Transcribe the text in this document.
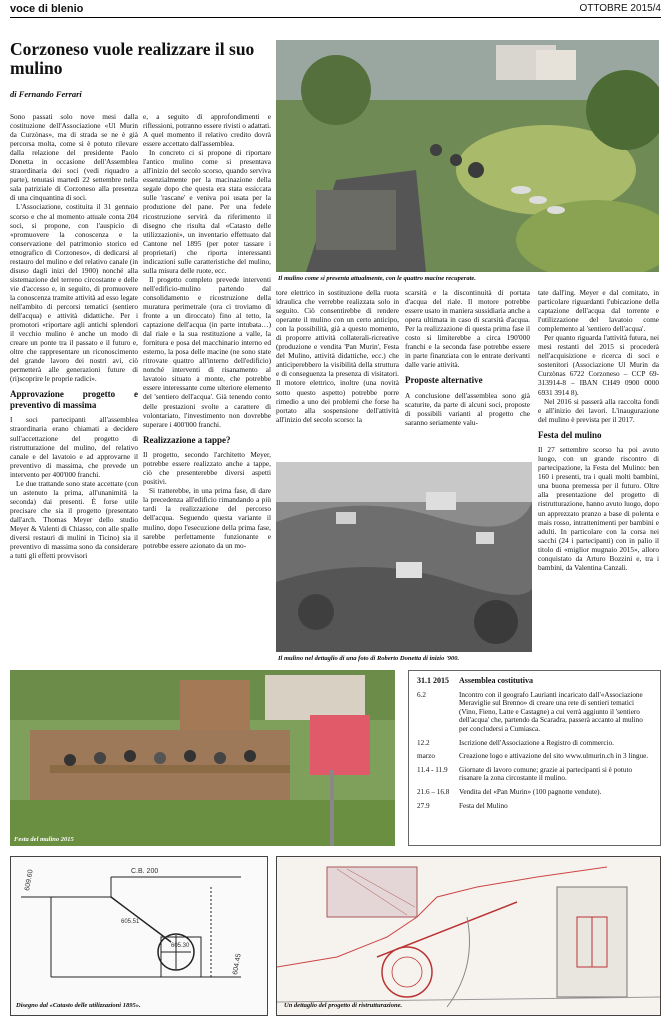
voce di blenio	OTTOBRE 2015/4
Corzoneso vuole realizzare il suo mulino
di Fernando Ferrari

Sono passati solo nove mesi dalla costituzione dell'Associazione «Ul Murin da Curzònas», ma di strada se ne è già percorsa molta, come si è potuto rilevare dalla relazione del presidente Paolo Donetta in occasione dell'Assemblea straordinaria dei soci (vedi riquadro a parte), tenutasi martedì 22 settembre nella sala patriziale di Corzoneso alla presenza di una cinquantina di soci.

L'Associazione, costituita il 31 gennaio scorso e che al momento attuale conta 204 soci, si propone, con l'auspicio di «promuovere la conoscenza e la conservazione del patrimonio storico ed etnografico di Corzoneso», di dedicarsi al restauro del mulino e del relativo canale (in disuso dagli inizi del 1900) nonché alla sistemazione del terreno circostante e delle vie d'accesso e, in seguito, di promuovere la conoscenza tramite attività ad esso legate nell'ambito di percorsi tematici (sentiero dell'acqua) e attività didattiche. Per i promotori «riportare agli antichi splendori il vecchio mulino è anche un modo di creare un ponte tra il passato e il futuro e, oltre che rappresentare un riconoscimento del grande lavoro dei nostri avi, ciò permetterà alle generazioni future di (ri)scoprire le proprie radici».

Approvazione progetto e preventivo di massima

I soci partecipanti all'assemblea straordinaria erano chiamati a decidere sull'accettazione del progetto di ristrutturazione del mulino, del relativo canale e del lavatoio e ad approvarne il preventivo di massima, che prevede un intervento per 400'000 franchi.

Le due trattande sono state accettate (con un astenuto la prima, all'unanimità la seconda) dai presenti. È forse utile precisare che sia il progetto (presentato dall'arch. Thomas Meyer dello studio Meyer & Valenti di Chiasso, con alle spalle diversi restauri di mulini in Ticino) sia il preventivo di massima sono da considerare a tutti gli effetti provvisori

e, a seguito di approfondimenti e riflessioni, potranno essere rivisti o adattati. A quel momento il relativo credito dovrà essere accettato dall'assemblea.

In concreto ci si propone di riportare l'antico mulino come si presentava all'inizio del secolo scorso, quando serviva essenzialmente per la macinazione della segale dopo che questa era stata essiccata sulle 'rascane' e veniva poi usata per la produzione del pane. Per una fedele ricostruzione servirà da riferimento il disegno che risulta dal «Catasto delle utilizzazioni», un inventario effettuato dal Cantone nel 1895 (per poter tassare i proprietari) che riporta interessanti indicazioni sulle caratteristiche del mulino, sulla misura delle ruote, ecc.

Il progetto completo prevede interventi nell'edificio-mulino partendo dal consolidamento e ricostruzione della muratura perimetrale (ora ci troviamo di fronte a un diroccato) fino al tetto, la captazione dell'acqua (in parte intubata…) dal riale e la sua restituzione a valle, la fornitura e posa del macchinario interno ed esterno, la posa delle macine (ne sono state ritrovate quattro all'interno dell'edificio) nonché interventi di risanamento al lavatoio situato a monte, che potrebbe essere interessante come ulteriore elemento del 'sentiero dell'acqua'. Già tenendo conto delle prestazioni svolte a carattere di volontariato, l'investimento non dovrebbe superare i 400'000 franchi.

Realizzazione a tappe?

Il progetto, secondo l'architetto Meyer, potrebbe essere realizzato anche a tappe, ciò che presenterebbe diversi aspetti positivi.

Si tratterebbe, in una prima fase, di dare la precedenza all'edificio rimandando a più tardi la realizzazione del percorso dell'acqua. Seguendo questa variante il mulino, dopo l'esecuzione della prima fase, sarebbe perfettamente funzionante e potrebbe essere azionato da un mo-

Il mulino come si presenta attualmente, con le quattro macine recuperate.

tore elettrico in sostituzione della ruota idraulica che verrebbe realizzata solo in seguito. Ciò consentirebbe di rendere operante il mulino con un certo anticipo, con la possibilità, già a questo momento, di proporre attività collaterali-ricreative (produzione e vendita 'Pan Murin', Festa del Mulino, attività didattiche, ecc.) che anticiperebbero la visibilità della struttura e di conseguenza la presenza di visitatori. Il motore elettrico, inoltre (una novità sotto questo aspetto) potrebbe porre rimedio a uno dei problemi che forse ha portato alla sospensione dell'attività all'inizio del secolo scorso: la

scarsità e la discontinuità di portata d'acqua del riale. Il motore potrebbe essere usato in maniera sussidiaria anche a opera ultimata in caso di scarsità d'acqua. Per la realizzazione di questa prima fase il costo si limiterebbe a circa 190'000 franchi e la seconda fase potrebbe essere in parte finanziata con le entrate derivanti dalle varie attività.

Proposte alternative

A conclusione dell'assemblea sono già scaturite, da parte di alcuni soci, proposte di possibili varianti al progetto che saranno seriamente valu-

tate dall'ing. Meyer e dal comitato, in particolare riguardanti l'ubicazione della captazione dell'acqua dal torrente e l'utilizzazione del lavatoio come complemento al 'sentiero dell'acqua'.

Per quanto riguarda l'attività futura, nei mesi restanti del 2015 si procederà nell'acquisizione e ricerca di soci e sostenitori (Associazione Ul Murin da Curzònas 6722 Corzoneso – CCP 69-313914-8 – IBAN CH49 0900 0000 6931 3914 8).

Nel 2016 si passerà alla raccolta fondi e all'inizio dei lavori. L'inaugurazione del mulino è prevista per il 2017.

Festa del mulino

Il 27 settembre scorso ha poi avuto luogo, con un grande riscontro di partecipazione, la Festa del Mulino: ben 160 i presenti, tra i quali molti bambini, una buona premessa per il futuro. Oltre alla presentazione del progetto di ristrutturazione, hanno avuto luogo, dopo un apprezzato pranzo a base di polenta e mais rosso, intrattenimenti per bambini e adulti. In particolare con la corsa nei sacchi (24 i partecipanti) con in palio il titolo di «miglior mugnaio 2015», alloro conquistato da Arturo Bozzini e, tra i bambini, da Valentina Canzali.

Il mulino nel dettaglio di una foto di Roberto Donetta di inizio '900.
Festa del mulino 2015
31.1 2015	Assemblea costitutiva
6.2	Incontro con il geografo Laurianti incaricato dall'«Associazione Meraviglie sul Brenno» di creare una rete di sentieri tematici (Vino, Fieno, Latte e Castagne) a cui verrà aggiunto il 'sentiero dell'acqua' che, partendo da Scaradra, passerà accanto al mulino per concludersi a Cumiasca.
12.2	Iscrizione dell'Associazione a Registro di commercio.
marzo	Creazione logo e attivazione del sito www.ulmurin.ch in 3 lingue.
11.4 - 11.9	Giornate di lavoro comune; grazie ai partecipanti si è potuto risanare la zona circostante il mulino.
21.6 – 16.8	Vendita del «Pan Murin» (100 pagnotte vendute).
27.9	Festa del Mulino
609.60	C.B. 200
605.51
605.30
604.45
Disegno dal «Catasto delle utilizzazioni 1895».	Un dettaglio del progetto di ristrutturazione.
